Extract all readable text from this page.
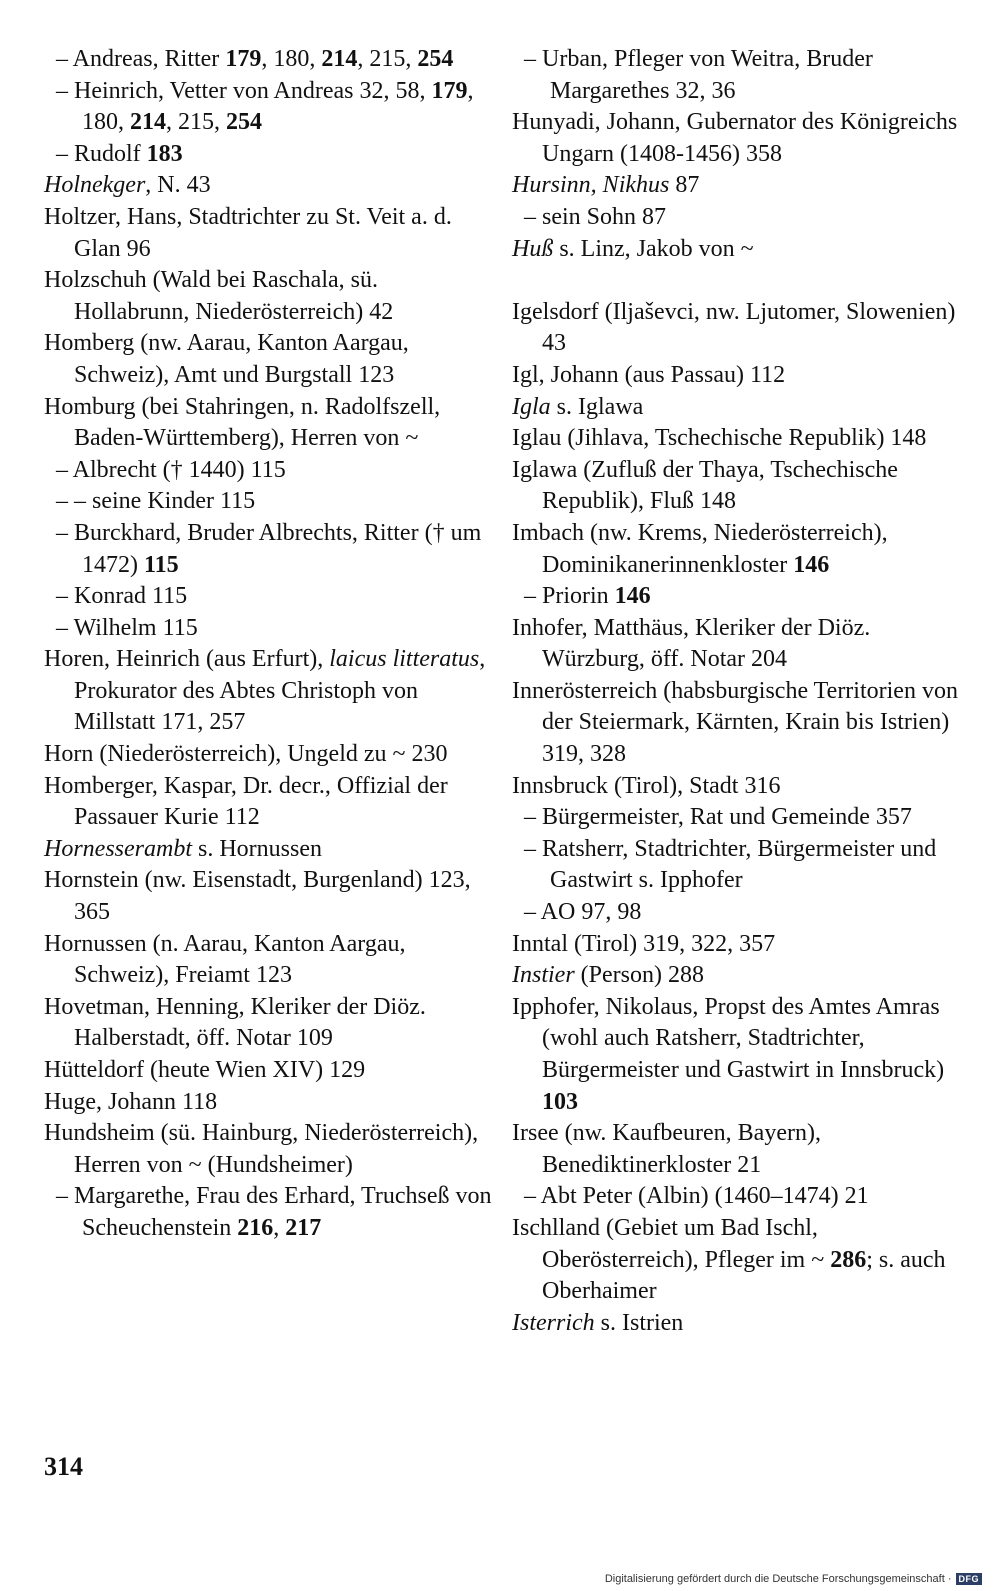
– Andreas, Ritter 179, 180, 214, 215, 254
– Heinrich, Vetter von Andreas 32, 58, 179, 180, 214, 215, 254
– Rudolf 183
Holnekger, N. 43
Holtzer, Hans, Stadtrichter zu St. Veit a. d. Glan 96
Holzschuh (Wald bei Raschala, sü. Hollabrunn, Niederösterreich) 42
Homberg (nw. Aarau, Kanton Aargau, Schweiz), Amt und Burgstall 123
Homburg (bei Stahringen, n. Radolfszell, Baden-Württemberg), Herren von ~
– Albrecht († 1440) 115
– – seine Kinder 115
– Burckhard, Bruder Albrechts, Ritter († um 1472) 115
– Konrad 115
– Wilhelm 115
Horen, Heinrich (aus Erfurt), laicus litteratus, Prokurator des Abtes Christoph von Millstatt 171, 257
Horn (Niederösterreich), Ungeld zu ~ 230
Homberger, Kaspar, Dr. decr., Offizial der Passauer Kurie 112
Hornesserambt s. Hornussen
Hornstein (nw. Eisenstadt, Burgenland) 123, 365
Hornussen (n. Aarau, Kanton Aargau, Schweiz), Freiamt 123
Hovetman, Henning, Kleriker der Diöz. Halberstadt, öff. Notar 109
Hütteldorf (heute Wien XIV) 129
Huge, Johann 118
Hundsheim (sü. Hainburg, Niederösterreich), Herren von ~ (Hundsheimer)
– Margarethe, Frau des Erhard, Truchseß von Scheuchenstein 216, 217
– Urban, Pfleger von Weitra, Bruder Margarethes 32, 36
Hunyadi, Johann, Gubernator des Königreichs Ungarn (1408-1456) 358
Hursinn, Nikhus 87
– sein Sohn 87
Huß s. Linz, Jakob von ~
Igelsdorf (Iljaševci, nw. Ljutomer, Slowenien) 43
Igl, Johann (aus Passau) 112
Igla s. Iglawa
Iglau (Jihlava, Tschechische Republik) 148
Iglawa (Zufluß der Thaya, Tschechische Republik), Fluß 148
Imbach (nw. Krems, Niederösterreich), Dominikanerinnenkloster 146
– Priorin 146
Inhofer, Matthäus, Kleriker der Diöz. Würzburg, öff. Notar 204
Innerösterreich (habsburgische Territorien von der Steiermark, Kärnten, Krain bis Istrien) 319, 328
Innsbruck (Tirol), Stadt 316
– Bürgermeister, Rat und Gemeinde 357
– Ratsherr, Stadtrichter, Bürgermeister und Gastwirt s. Ipphofer
– AO 97, 98
Inntal (Tirol) 319, 322, 357
Instier (Person) 288
Ipphofer, Nikolaus, Propst des Amtes Amras (wohl auch Ratsherr, Stadtrichter, Bürgermeister und Gastwirt in Innsbruck) 103
Irsee (nw. Kaufbeuren, Bayern), Benediktinerkloster 21
– Abt Peter (Albin) (1460–1474) 21
Ischlland (Gebiet um Bad Ischl, Oberösterreich), Pfleger im ~ 286; s. auch Oberhaimer
Isterrich s. Istrien
314
Digitalisierung gefördert durch die Deutsche Forschungsgemeinschaft · DFG
